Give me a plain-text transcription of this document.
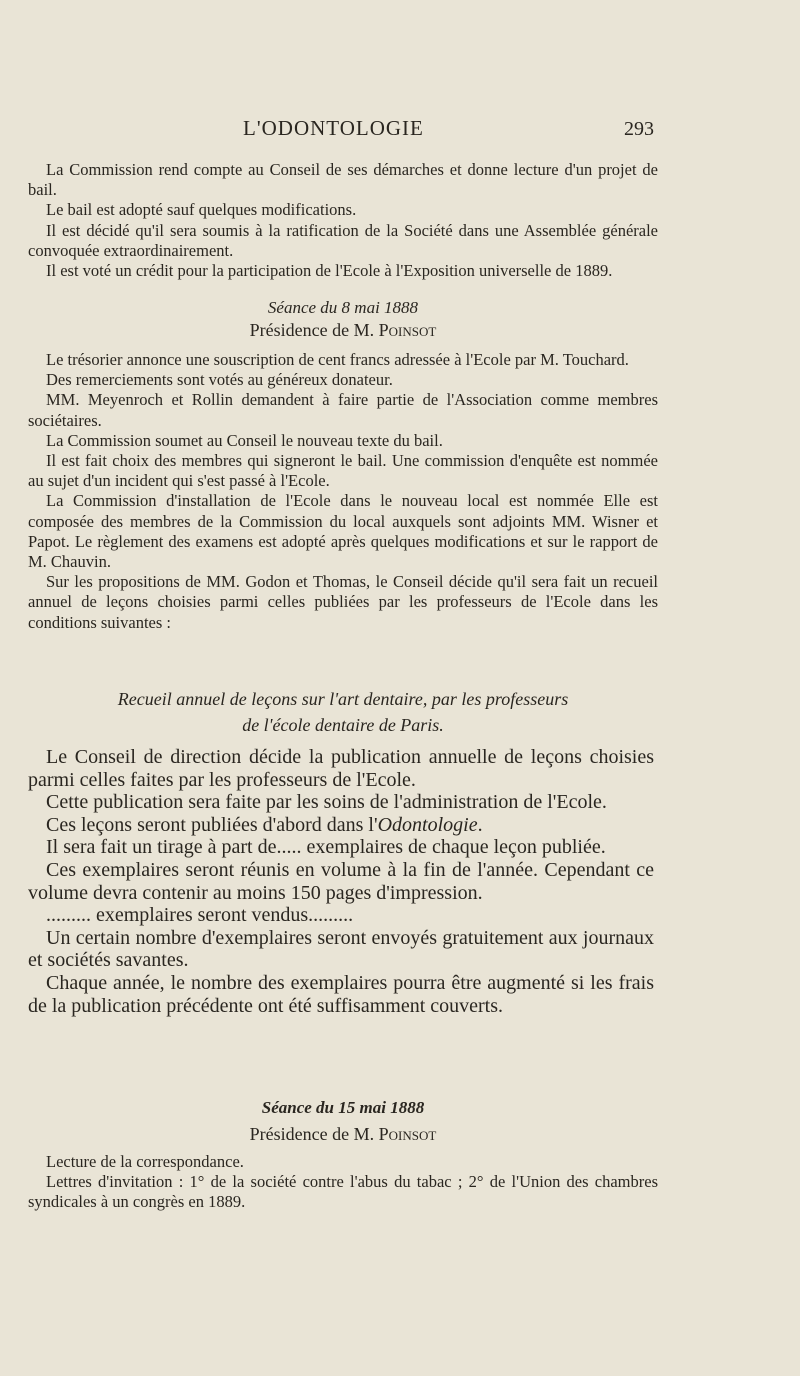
L'ODONTOLOGIE	293

La Commission rend compte au Conseil de ses démarches et donne lecture d'un projet de bail.

Le bail est adopté sauf quelques modifications.

Il est décidé qu'il sera soumis à la ratification de la Société dans une Assemblée générale convoquée extraordinairement.

Il est voté un crédit pour la participation de l'Ecole à l'Exposition universelle de 1889.

Séance du 8 mai 1888
Présidence de M. Poinsot

Le trésorier annonce une souscription de cent francs adressée à l'Ecole par M. Touchard.

Des remerciements sont votés au généreux donateur.

MM. Meyenroch et Rollin demandent à faire partie de l'Association comme membres sociétaires.

La Commission soumet au Conseil le nouveau texte du bail.

Il est fait choix des membres qui signeront le bail. Une commission d'enquête est nommée au sujet d'un incident qui s'est passé à l'Ecole.

La Commission d'installation de l'Ecole dans le nouveau local est nommée Elle est composée des membres de la Commission du local auxquels sont adjoints MM. Wisner et Papot. Le règlement des examens est adopté après quelques modifications et sur le rapport de M. Chauvin.

Sur les propositions de MM. Godon et Thomas, le Conseil décide qu'il sera fait un recueil annuel de leçons choisies parmi celles publiées par les professeurs de l'Ecole dans les conditions suivantes :

Recueil annuel de leçons sur l'art dentaire, par les professeurs
de l'école dentaire de Paris.

Le Conseil de direction décide la publication annuelle de leçons choisies parmi celles faites par les professeurs de l'Ecole.

Cette publication sera faite par les soins de l'administration de l'Ecole.

Ces leçons seront publiées d'abord dans l'Odontologie.

Il sera fait un tirage à part de..... exemplaires de chaque leçon publiée.

Ces exemplaires seront réunis en volume à la fin de l'année. Cependant ce volume devra contenir au moins 150 pages d'impression.

......... exemplaires seront vendus.........

Un certain nombre d'exemplaires seront envoyés gratuitement aux journaux et sociétés savantes.

Chaque année, le nombre des exemplaires pourra être augmenté si les frais de la publication précédente ont été suffisamment couverts.

Séance du 15 mai 1888
Présidence de M. Poinsot

Lecture de la correspondance.

Lettres d'invitation : 1° de la société contre l'abus du tabac ; 2° de l'Union des chambres syndicales à un congrès en 1889.
